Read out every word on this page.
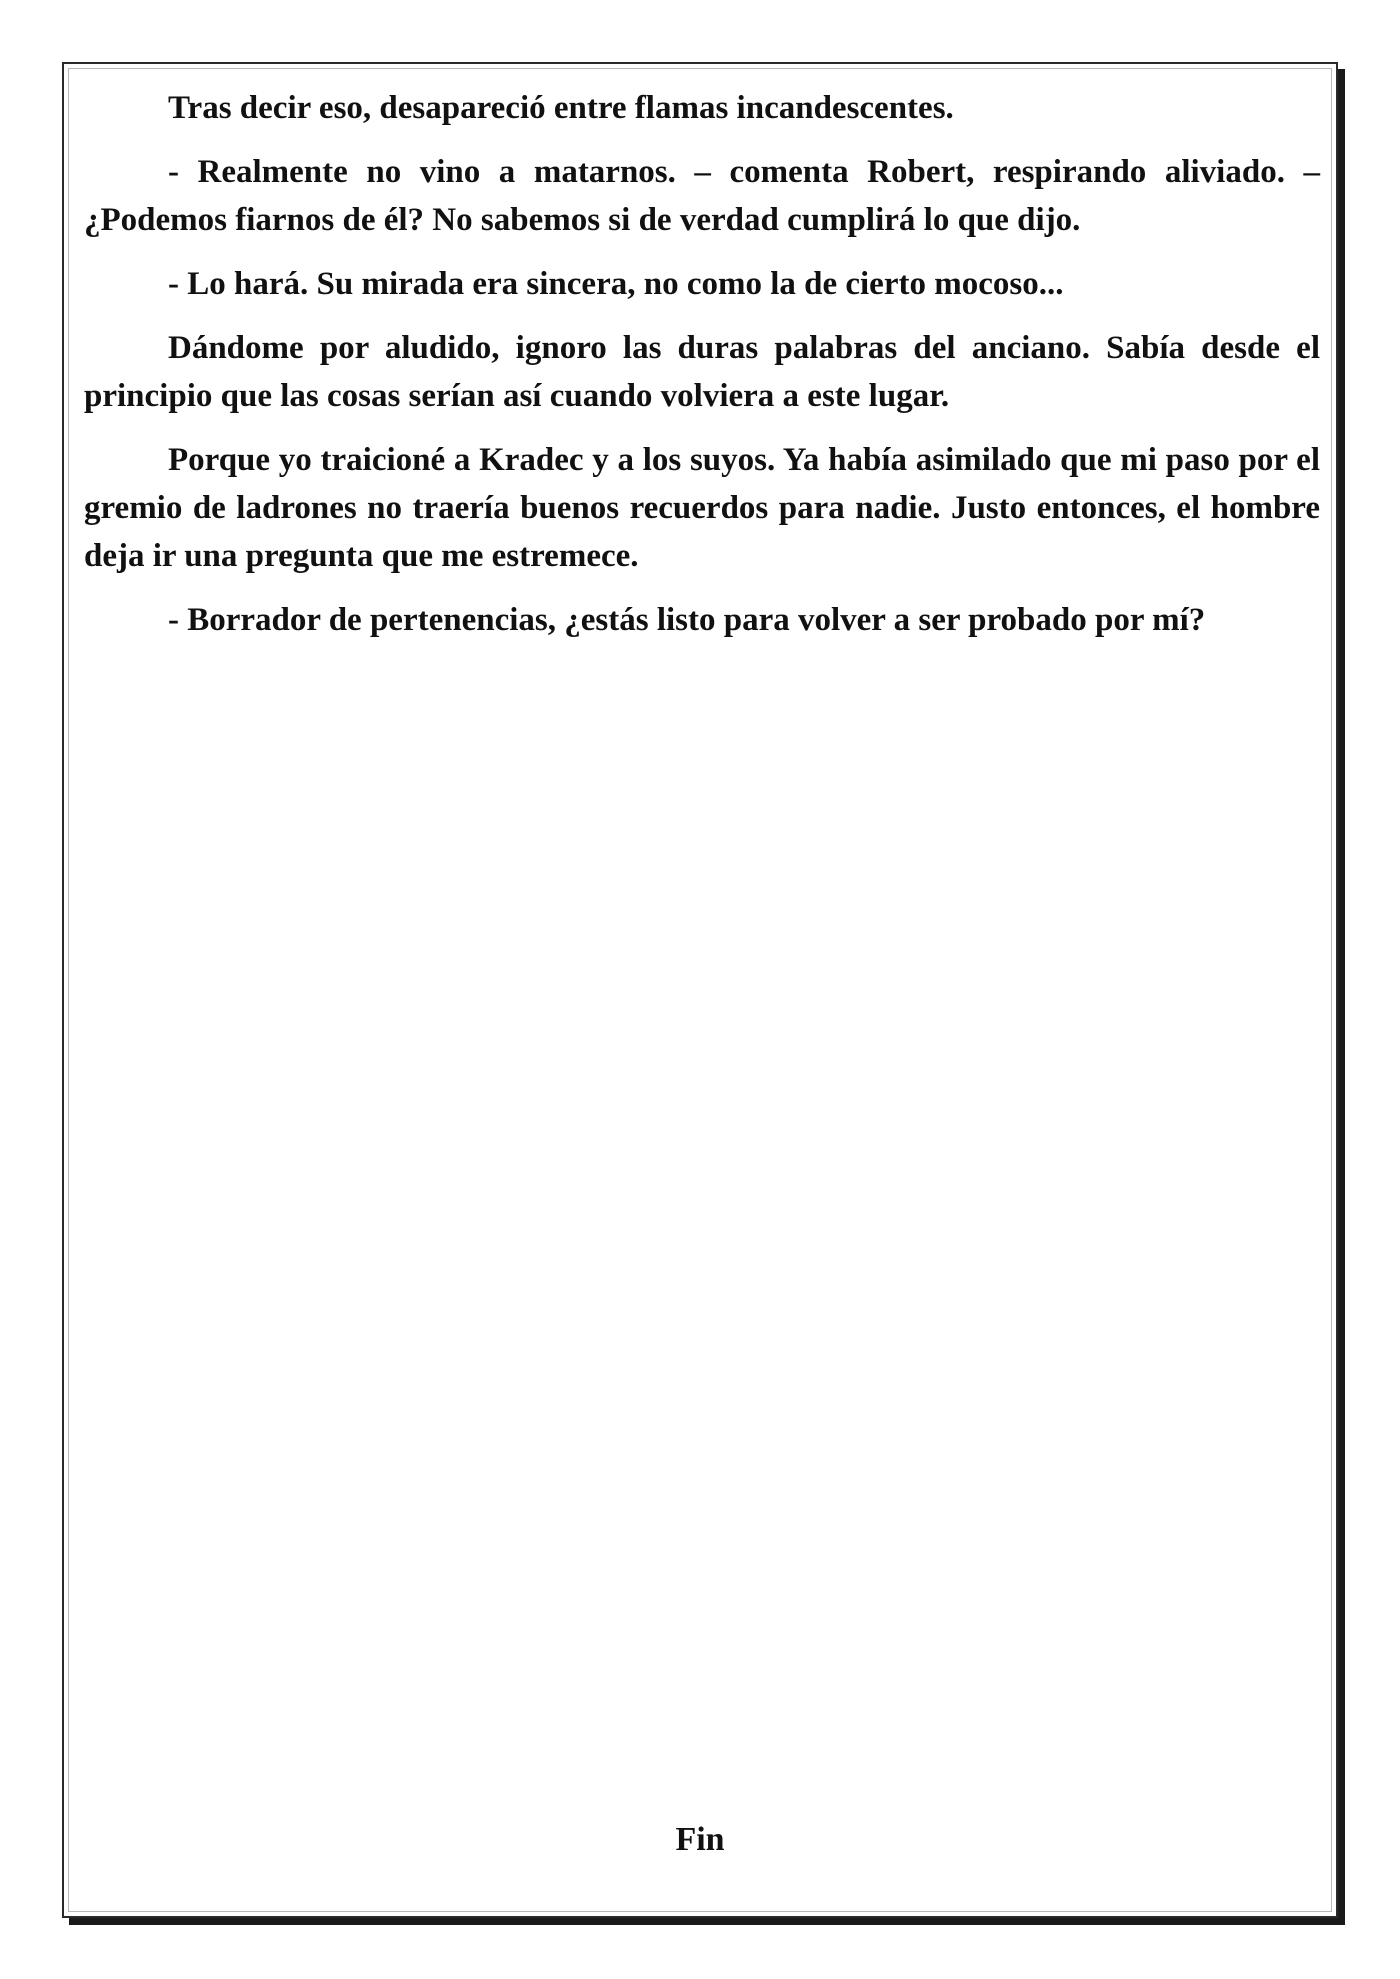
Tras decir eso, desapareció entre flamas incandescentes.

- Realmente no vino a matarnos. – comenta Robert, respirando aliviado. – ¿Podemos fiarnos de él? No sabemos si de verdad cumplirá lo que dijo.

- Lo hará. Su mirada era sincera, no como la de cierto mocoso...

Dándome por aludido, ignoro las duras palabras del anciano. Sabía desde el principio que las cosas serían así cuando volviera a este lugar.

Porque yo traicioné a Kradec y a los suyos. Ya había asimilado que mi paso por el gremio de ladrones no traería buenos recuerdos para nadie. Justo entonces, el hombre deja ir una pregunta que me estremece.

- Borrador de pertenencias, ¿estás listo para volver a ser probado por mí?

Fin
